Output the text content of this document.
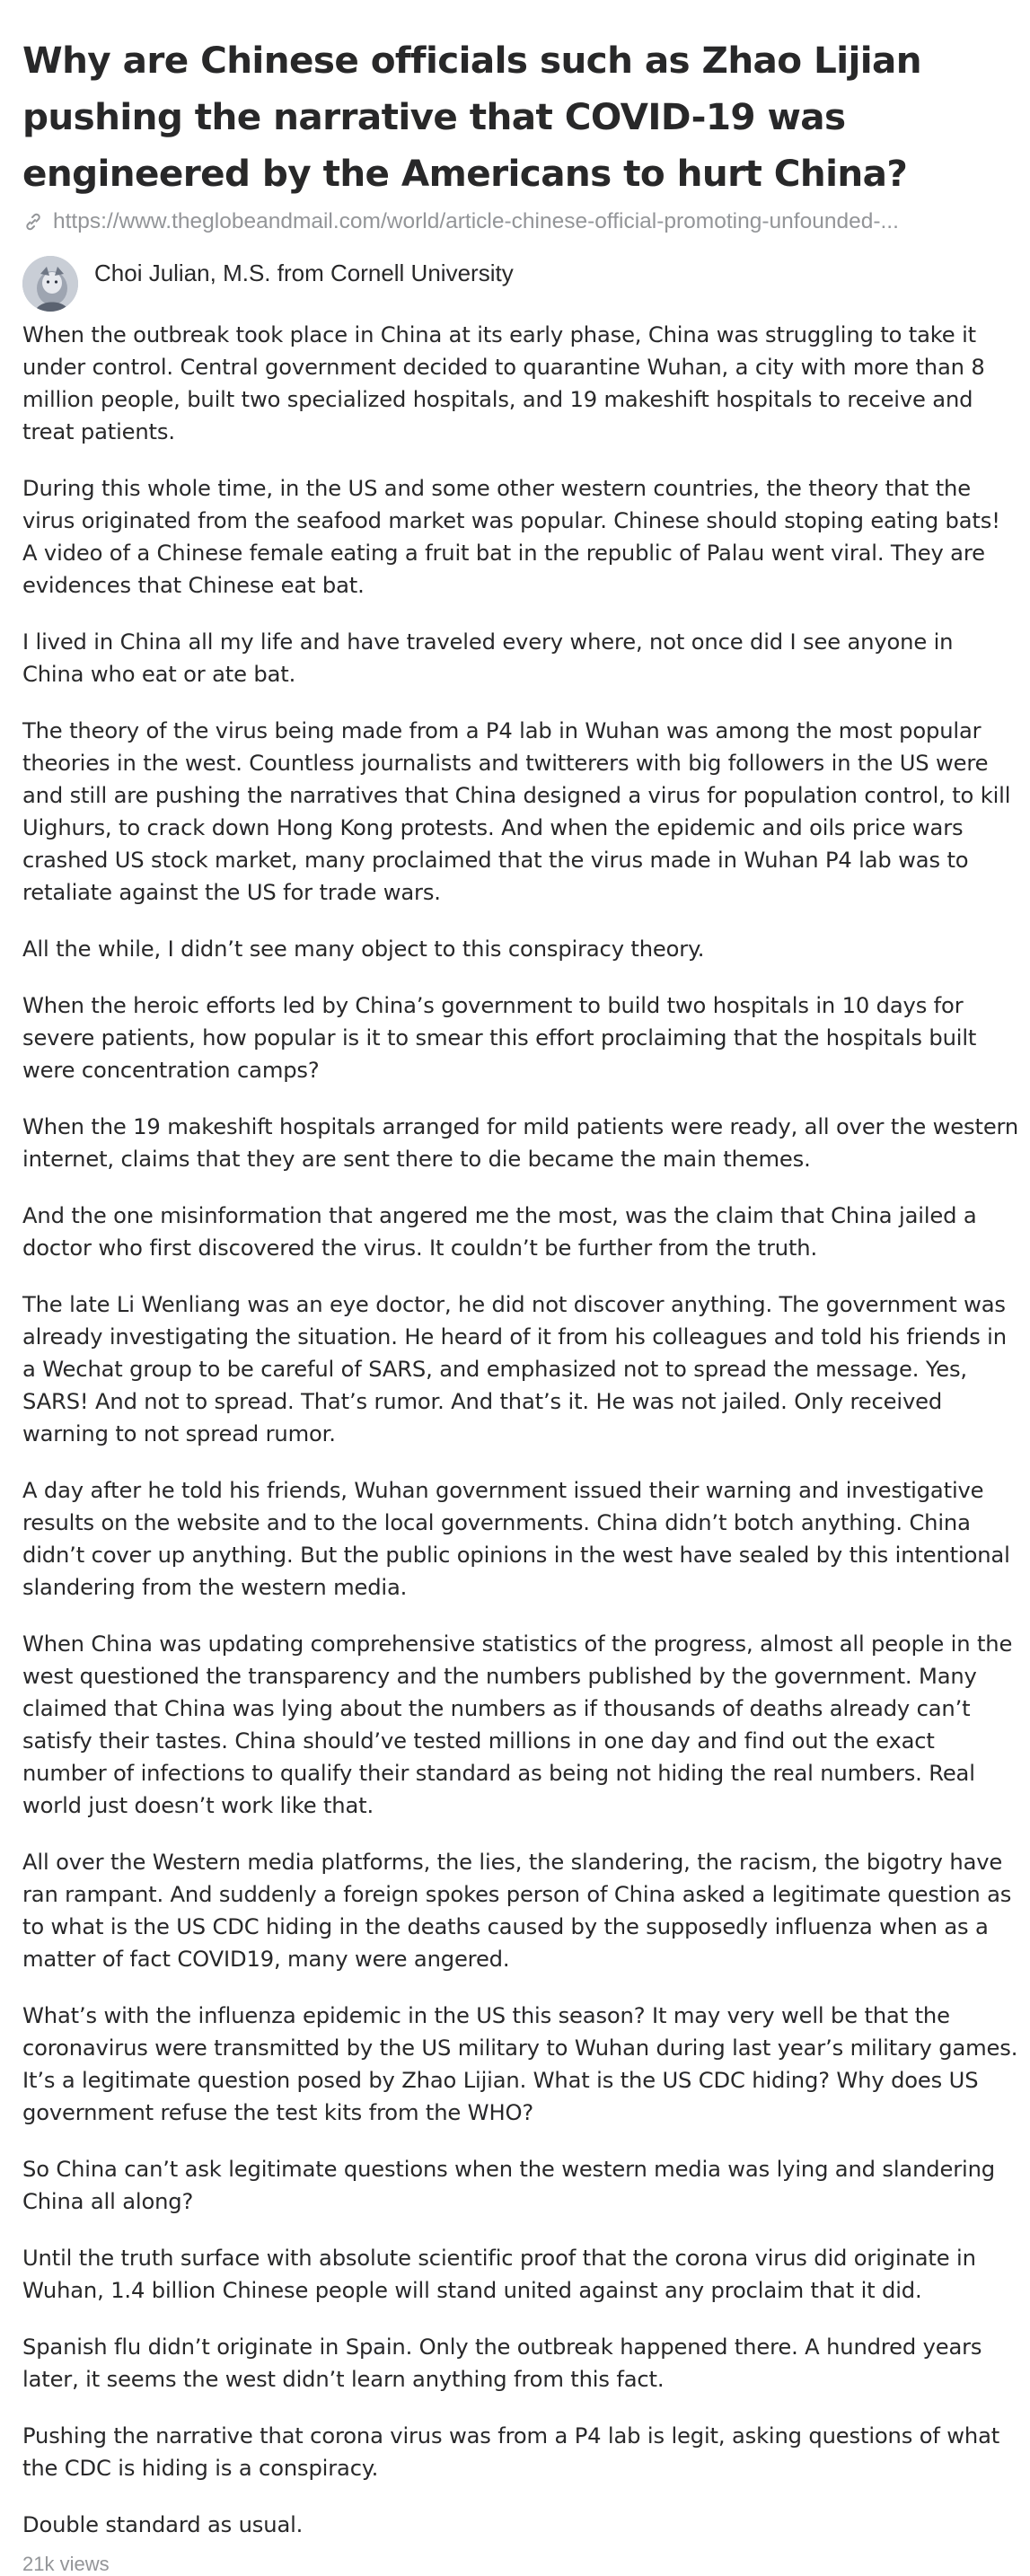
Why are Chinese officials such as Zhao Lijian pushing the narrative that COVID-19 was engineered by the Americans to hurt China?
https://www.theglobeandmail.com/world/article-chinese-official-promoting-unfounded-...
Choi Julian, M.S. from Cornell University

When the outbreak took place in China at its early phase, China was struggling to take it under control. Central government decided to quarantine Wuhan, a city with more than 8 million people, built two specialized hospitals, and 19 makeshift hospitals to receive and treat patients.

During this whole time, in the US and some other western countries, the theory that the virus originated from the seafood market was popular. Chinese should stoping eating bats! A video of a Chinese female eating a fruit bat in the republic of Palau went viral. They are evidences that Chinese eat bat.

I lived in China all my life and have traveled every where, not once did I see anyone in China who eat or ate bat.

The theory of the virus being made from a P4 lab in Wuhan was among the most popular theories in the west. Countless journalists and twitterers with big followers in the US were and still are pushing the narratives that China designed a virus for population control, to kill Uighurs, to crack down Hong Kong protests. And when the epidemic and oils price wars crashed US stock market, many proclaimed that the virus made in Wuhan P4 lab was to retaliate against the US for trade wars.

All the while, I didn’t see many object to this conspiracy theory.

When the heroic efforts led by China’s government to build two hospitals in 10 days for severe patients, how popular is it to smear this effort proclaiming that the hospitals built were concentration camps?

When the 19 makeshift hospitals arranged for mild patients were ready, all over the western internet, claims that they are sent there to die became the main themes.

And the one misinformation that angered me the most, was the claim that China jailed a doctor who first discovered the virus. It couldn’t be further from the truth.

The late Li Wenliang was an eye doctor, he did not discover anything. The government was already investigating the situation. He heard of it from his colleagues and told his friends in a Wechat group to be careful of SARS, and emphasized not to spread the message. Yes, SARS! And not to spread. That’s rumor. And that’s it. He was not jailed. Only received warning to not spread rumor.

A day after he told his friends, Wuhan government issued their warning and investigative results on the website and to the local governments. China didn’t botch anything. China didn’t cover up anything. But the public opinions in the west have sealed by this intentional slandering from the western media.

When China was updating comprehensive statistics of the progress, almost all people in the west questioned the transparency and the numbers published by the government. Many claimed that China was lying about the numbers as if thousands of deaths already can’t satisfy their tastes. China should’ve tested millions in one day and find out the exact number of infections to qualify their standard as being not hiding the real numbers. Real world just doesn’t work like that.

All over the Western media platforms, the lies, the slandering, the racism, the bigotry have ran rampant. And suddenly a foreign spokes person of China asked a legitimate question as to what is the US CDC hiding in the deaths caused by the supposedly influenza when as a matter of fact COVID19, many were angered.

What’s with the influenza epidemic in the US this season? It may very well be that the coronavirus were transmitted by the US military to Wuhan during last year’s military games. It’s a legitimate question posed by Zhao Lijian. What is the US CDC hiding? Why does US government refuse the test kits from the WHO?

So China can’t ask legitimate questions when the western media was lying and slandering China all along?

Until the truth surface with absolute scientific proof that the corona virus did originate in Wuhan, 1.4 billion Chinese people will stand united against any proclaim that it did.

Spanish flu didn’t originate in Spain. Only the outbreak happened there. A hundred years later, it seems the west didn’t learn anything from this fact.

Pushing the narrative that corona virus was from a P4 lab is legit, asking questions of what the CDC is hiding is a conspiracy.

Double standard as usual.

21k views
